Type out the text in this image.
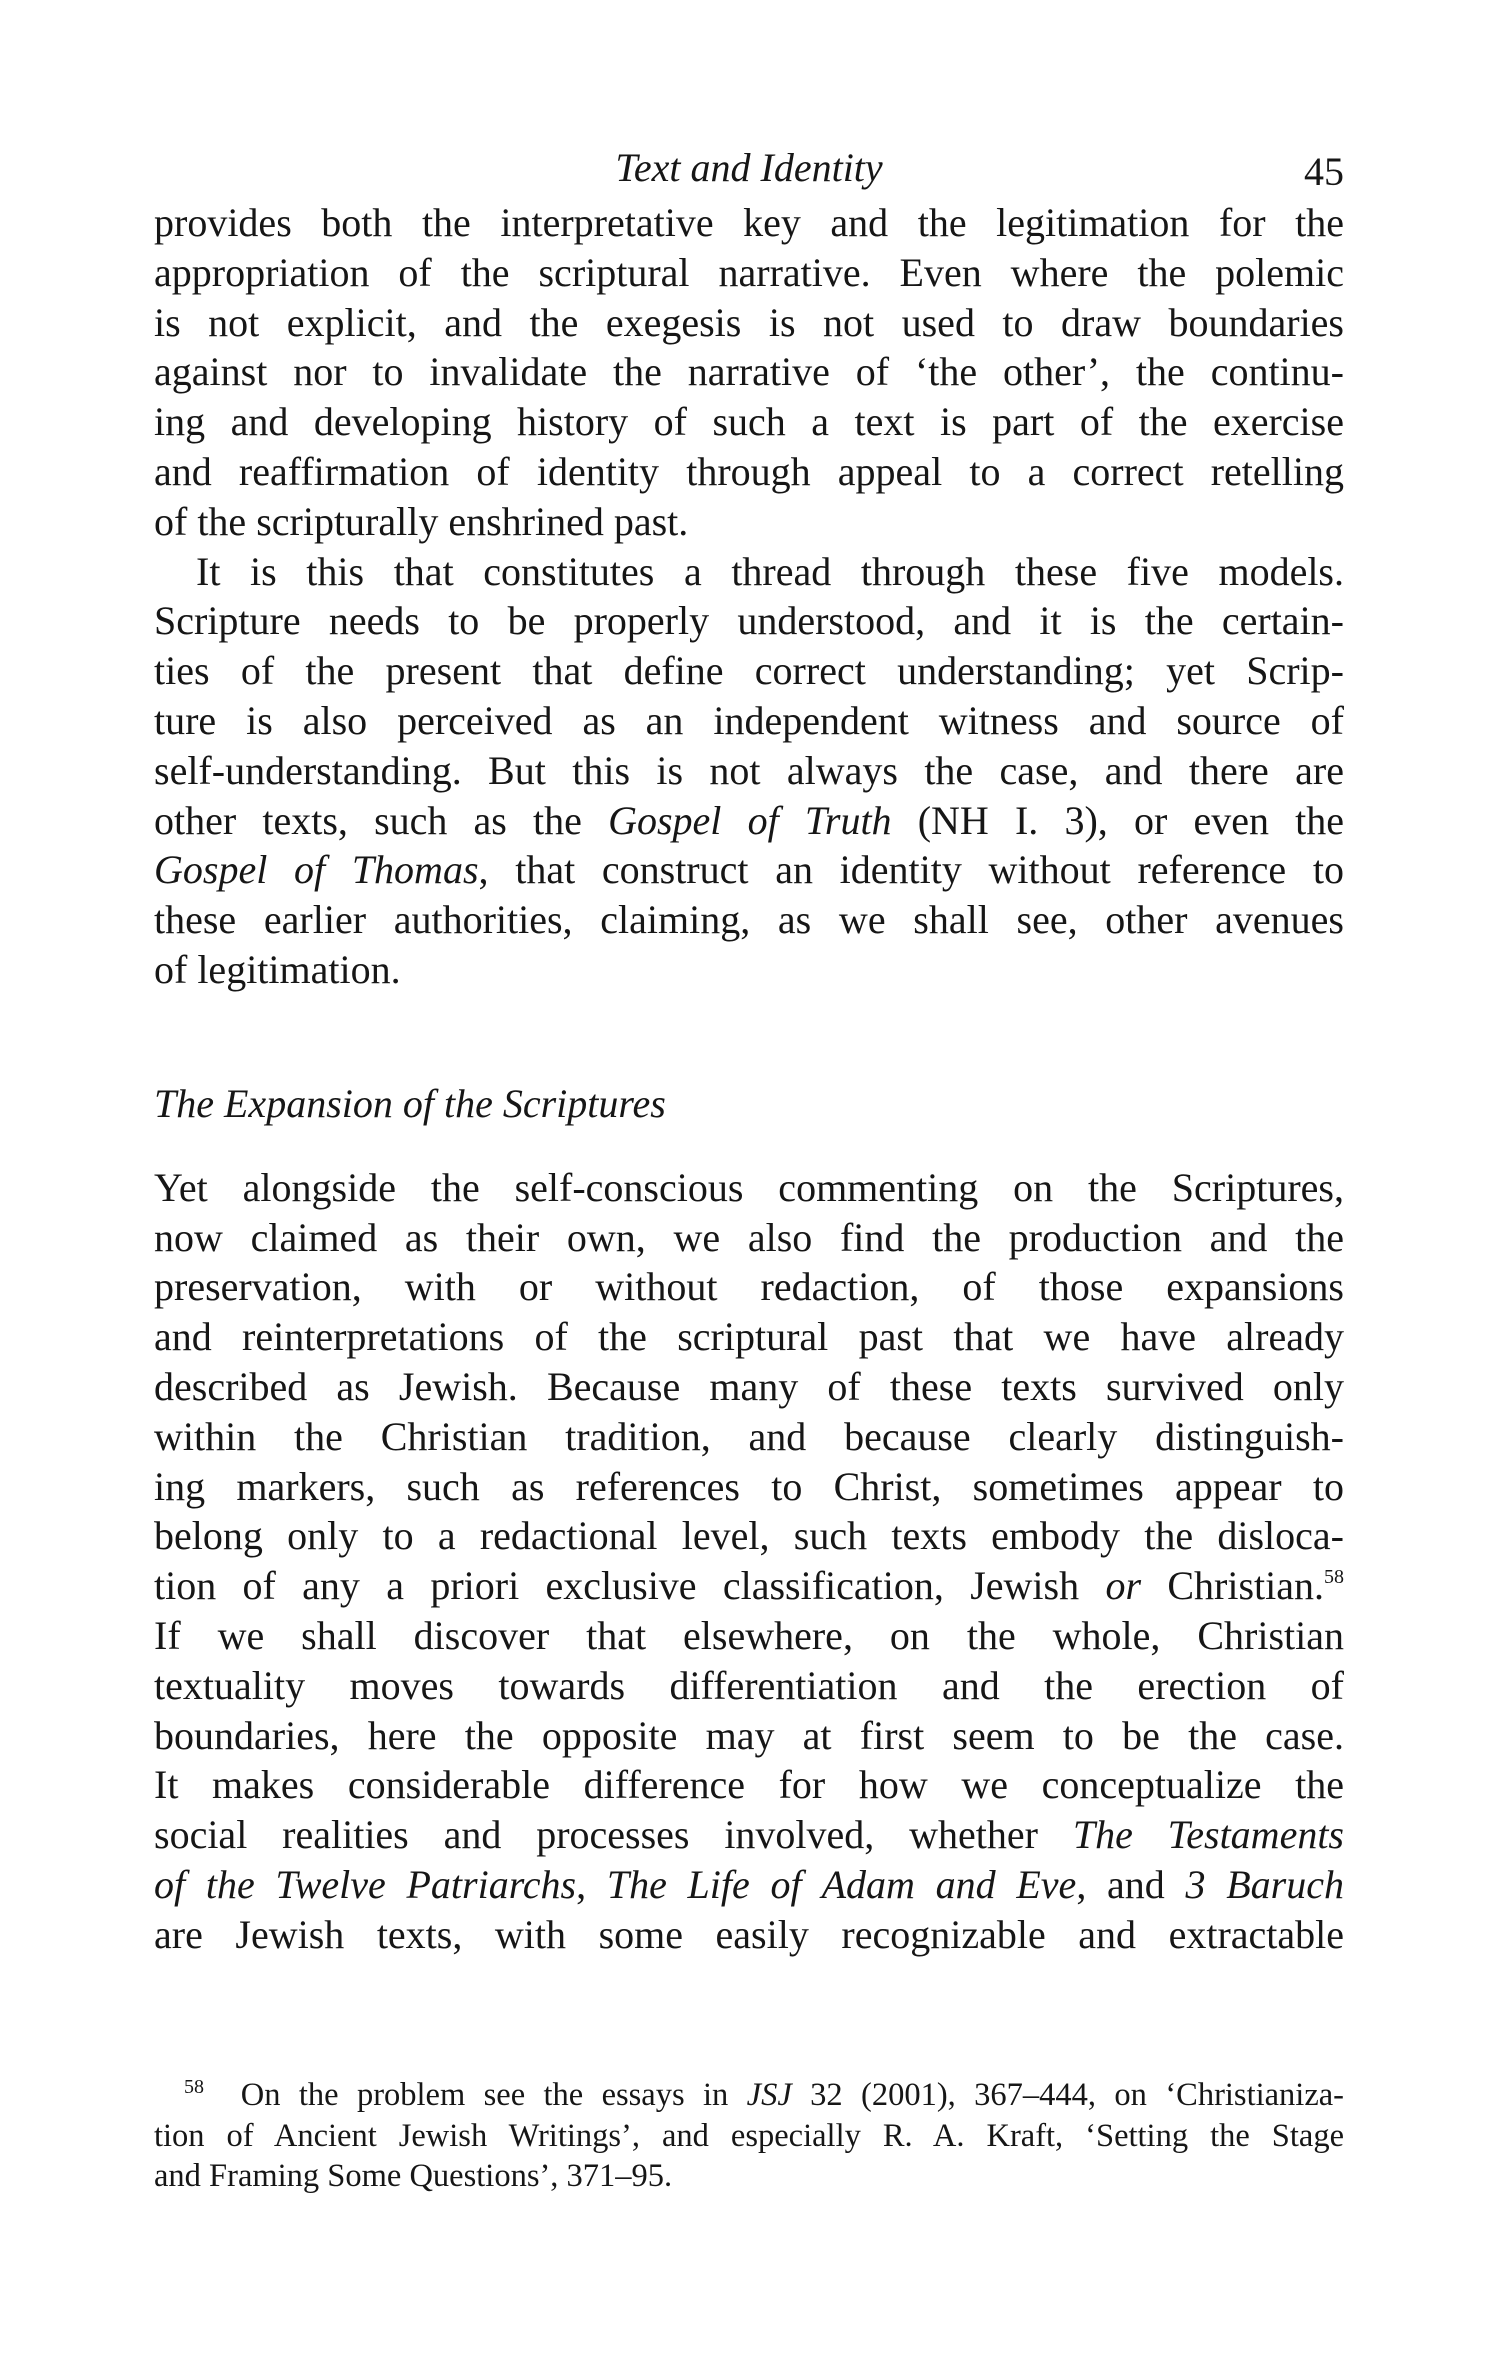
Text and Identity	45

provides both the interpretative key and the legitimation for the
appropriation of the scriptural narrative. Even where the polemic
is not explicit, and the exegesis is not used to draw boundaries
against nor to invalidate the narrative of ‘the other’, the continu-
ing and developing history of such a text is part of the exercise
and reaffirmation of identity through appeal to a correct retelling
of the scripturally enshrined past.

It is this that constitutes a thread through these five models.
Scripture needs to be properly understood, and it is the certain-
ties of the present that define correct understanding; yet Scrip-
ture is also perceived as an independent witness and source of
self-understanding. But this is not always the case, and there are
other texts, such as the Gospel of Truth (NH I. 3), or even the
Gospel of Thomas, that construct an identity without reference to
these earlier authorities, claiming, as we shall see, other avenues
of legitimation.

The Expansion of the Scriptures

Yet alongside the self-conscious commenting on the Scriptures,
now claimed as their own, we also find the production and the
preservation, with or without redaction, of those expansions
and reinterpretations of the scriptural past that we have already
described as Jewish. Because many of these texts survived only
within the Christian tradition, and because clearly distinguish-
ing markers, such as references to Christ, sometimes appear to
belong only to a redactional level, such texts embody the disloca-
tion of any a priori exclusive classification, Jewish or Christian.$^{58}$
If we shall discover that elsewhere, on the whole, Christian
textuality moves towards differentiation and the erection of
boundaries, here the opposite may at first seem to be the case.
It makes considerable difference for how we conceptualize the
social realities and processes involved, whether The Testaments
of the Twelve Patriarchs, The Life of Adam and Eve, and 3 Baruch
are Jewish texts, with some easily recognizable and extractable

$^{58}$ On the problem see the essays in JSJ 32 (2001), 367–444, on ‘Christianiza-
tion of Ancient Jewish Writings’, and especially R. A. Kraft, ‘Setting the Stage
and Framing Some Questions’, 371–95.
